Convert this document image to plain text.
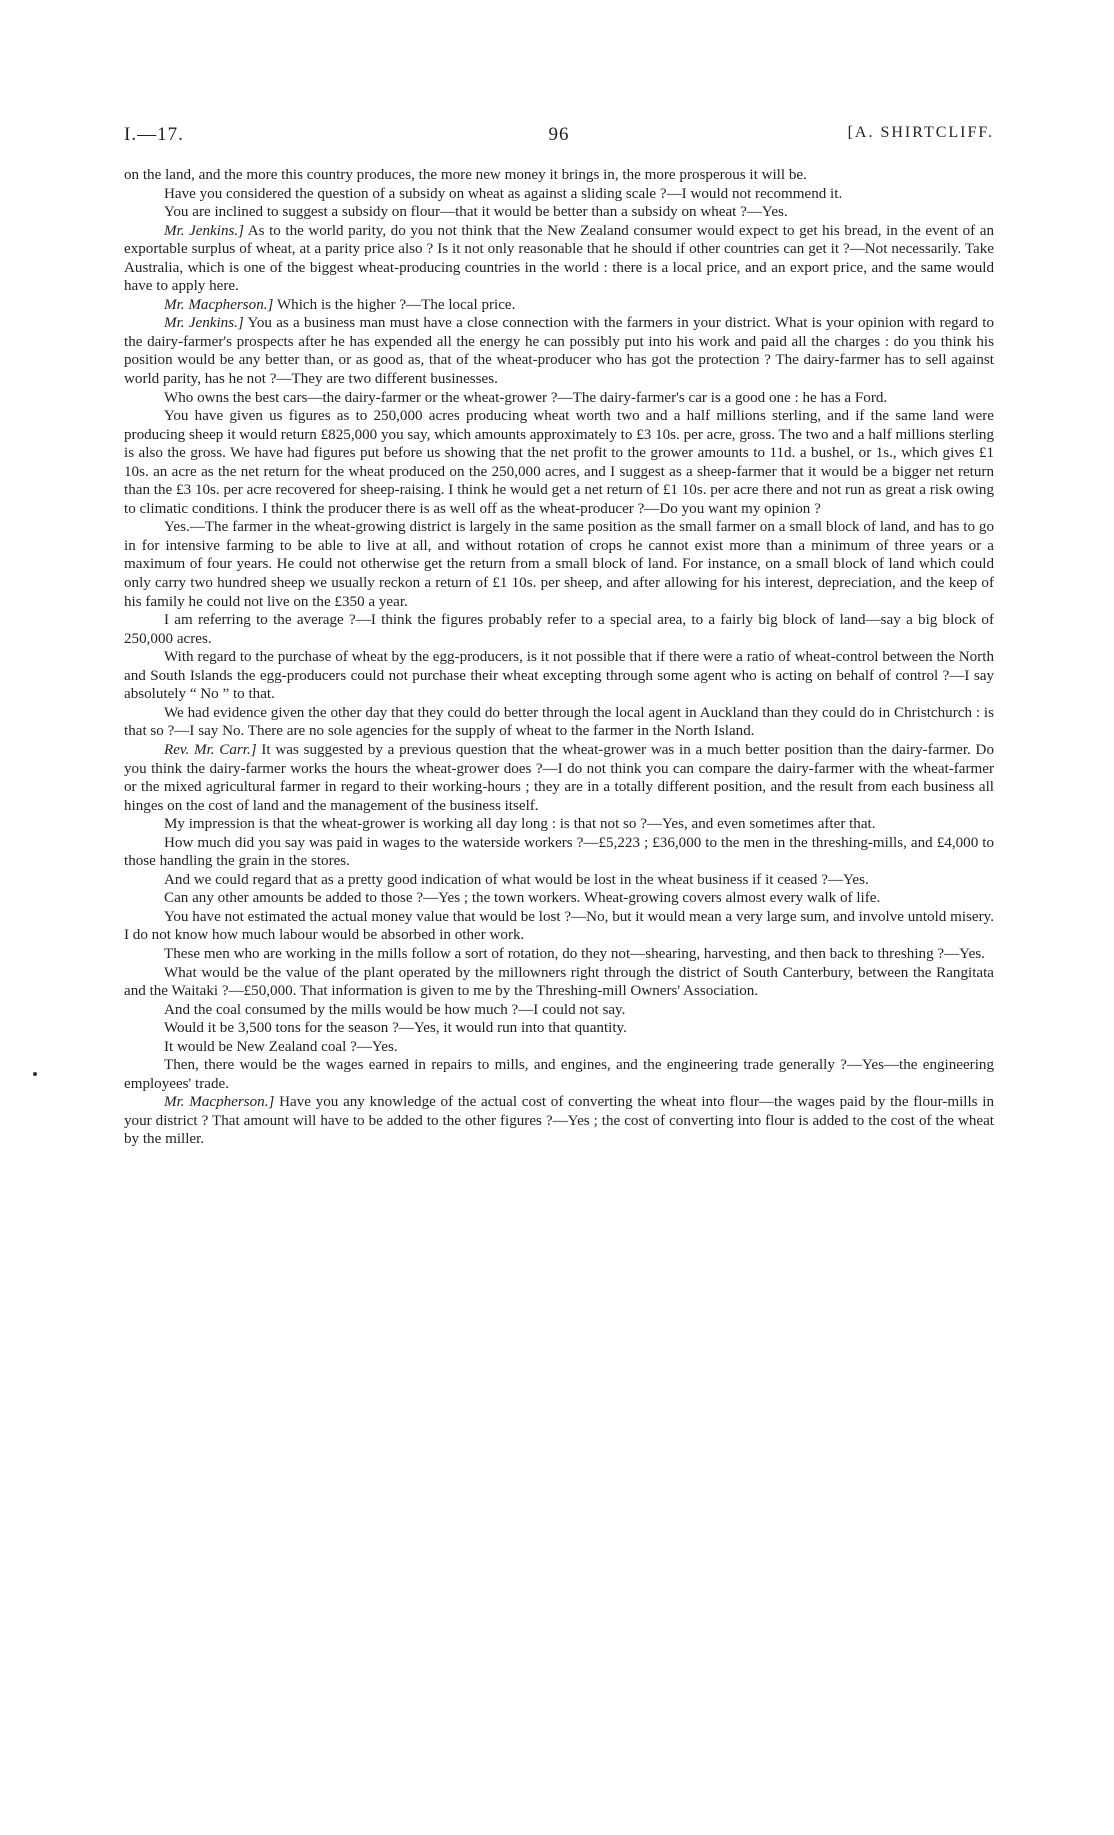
I.—17.	96	[A. SHIRTCLIFF.

on the land, and the more this country produces, the more new money it brings in, the more prosperous it will be.

Have you considered the question of a subsidy on wheat as against a sliding scale ?—I would not recommend it.

You are inclined to suggest a subsidy on flour—that it would be better than a subsidy on wheat ?—Yes.

Mr. Jenkins.] As to the world parity, do you not think that the New Zealand consumer would expect to get his bread, in the event of an exportable surplus of wheat, at a parity price also ? Is it not only reasonable that he should if other countries can get it ?—Not necessarily. Take Australia, which is one of the biggest wheat-producing countries in the world : there is a local price, and an export price, and the same would have to apply here.

Mr. Macpherson.] Which is the higher ?—The local price.

Mr. Jenkins.] You as a business man must have a close connection with the farmers in your district. What is your opinion with regard to the dairy-farmer's prospects after he has expended all the energy he can possibly put into his work and paid all the charges : do you think his position would be any better than, or as good as, that of the wheat-producer who has got the protection ? The dairy-farmer has to sell against world parity, has he not ?—They are two different businesses.

Who owns the best cars—the dairy-farmer or the wheat-grower ?—The dairy-farmer's car is a good one : he has a Ford.

You have given us figures as to 250,000 acres producing wheat worth two and a half millions sterling, and if the same land were producing sheep it would return £825,000 you say, which amounts approximately to £3 10s. per acre, gross. The two and a half millions sterling is also the gross. We have had figures put before us showing that the net profit to the grower amounts to 11d. a bushel, or 1s., which gives £1 10s. an acre as the net return for the wheat produced on the 250,000 acres, and I suggest as a sheep-farmer that it would be a bigger net return than the £3 10s. per acre recovered for sheep-raising. I think he would get a net return of £1 10s. per acre there and not run as great a risk owing to climatic conditions. I think the producer there is as well off as the wheat-producer ?—Do you want my opinion ?

Yes.—The farmer in the wheat-growing district is largely in the same position as the small farmer on a small block of land, and has to go in for intensive farming to be able to live at all, and without rotation of crops he cannot exist more than a minimum of three years or a maximum of four years. He could not otherwise get the return from a small block of land. For instance, on a small block of land which could only carry two hundred sheep we usually reckon a return of £1 10s. per sheep, and after allowing for his interest, depreciation, and the keep of his family he could not live on the £350 a year.

I am referring to the average ?—I think the figures probably refer to a special area, to a fairly big block of land—say a big block of 250,000 acres.

With regard to the purchase of wheat by the egg-producers, is it not possible that if there were a ratio of wheat-control between the North and South Islands the egg-producers could not purchase their wheat excepting through some agent who is acting on behalf of control ?—I say absolutely “ No ” to that.

We had evidence given the other day that they could do better through the local agent in Auckland than they could do in Christchurch : is that so ?—I say No. There are no sole agencies for the supply of wheat to the farmer in the North Island.

Rev. Mr. Carr.] It was suggested by a previous question that the wheat-grower was in a much better position than the dairy-farmer. Do you think the dairy-farmer works the hours the wheat-grower does ?—I do not think you can compare the dairy-farmer with the wheat-farmer or the mixed agricultural farmer in regard to their working-hours ; they are in a totally different position, and the result from each business all hinges on the cost of land and the management of the business itself.

My impression is that the wheat-grower is working all day long : is that not so ?—Yes, and even sometimes after that.

How much did you say was paid in wages to the waterside workers ?—£5,223 ; £36,000 to the men in the threshing-mills, and £4,000 to those handling the grain in the stores.

And we could regard that as a pretty good indication of what would be lost in the wheat business if it ceased ?—Yes.

Can any other amounts be added to those ?—Yes ; the town workers. Wheat-growing covers almost every walk of life.

You have not estimated the actual money value that would be lost ?—No, but it would mean a very large sum, and involve untold misery. I do not know how much labour would be absorbed in other work.

These men who are working in the mills follow a sort of rotation, do they not—shearing, harvesting, and then back to threshing ?—Yes.

What would be the value of the plant operated by the millowners right through the district of South Canterbury, between the Rangitata and the Waitaki ?—£50,000. That information is given to me by the Threshing-mill Owners' Association.

And the coal consumed by the mills would be how much ?—I could not say.

Would it be 3,500 tons for the season ?—Yes, it would run into that quantity.

It would be New Zealand coal ?—Yes.

Then, there would be the wages earned in repairs to mills, and engines, and the engineering trade generally ?—Yes—the engineering employees' trade.

Mr. Macpherson.] Have you any knowledge of the actual cost of converting the wheat into flour—the wages paid by the flour-mills in your district ? That amount will have to be added to the other figures ?—Yes ; the cost of converting into flour is added to the cost of the wheat by the miller.
